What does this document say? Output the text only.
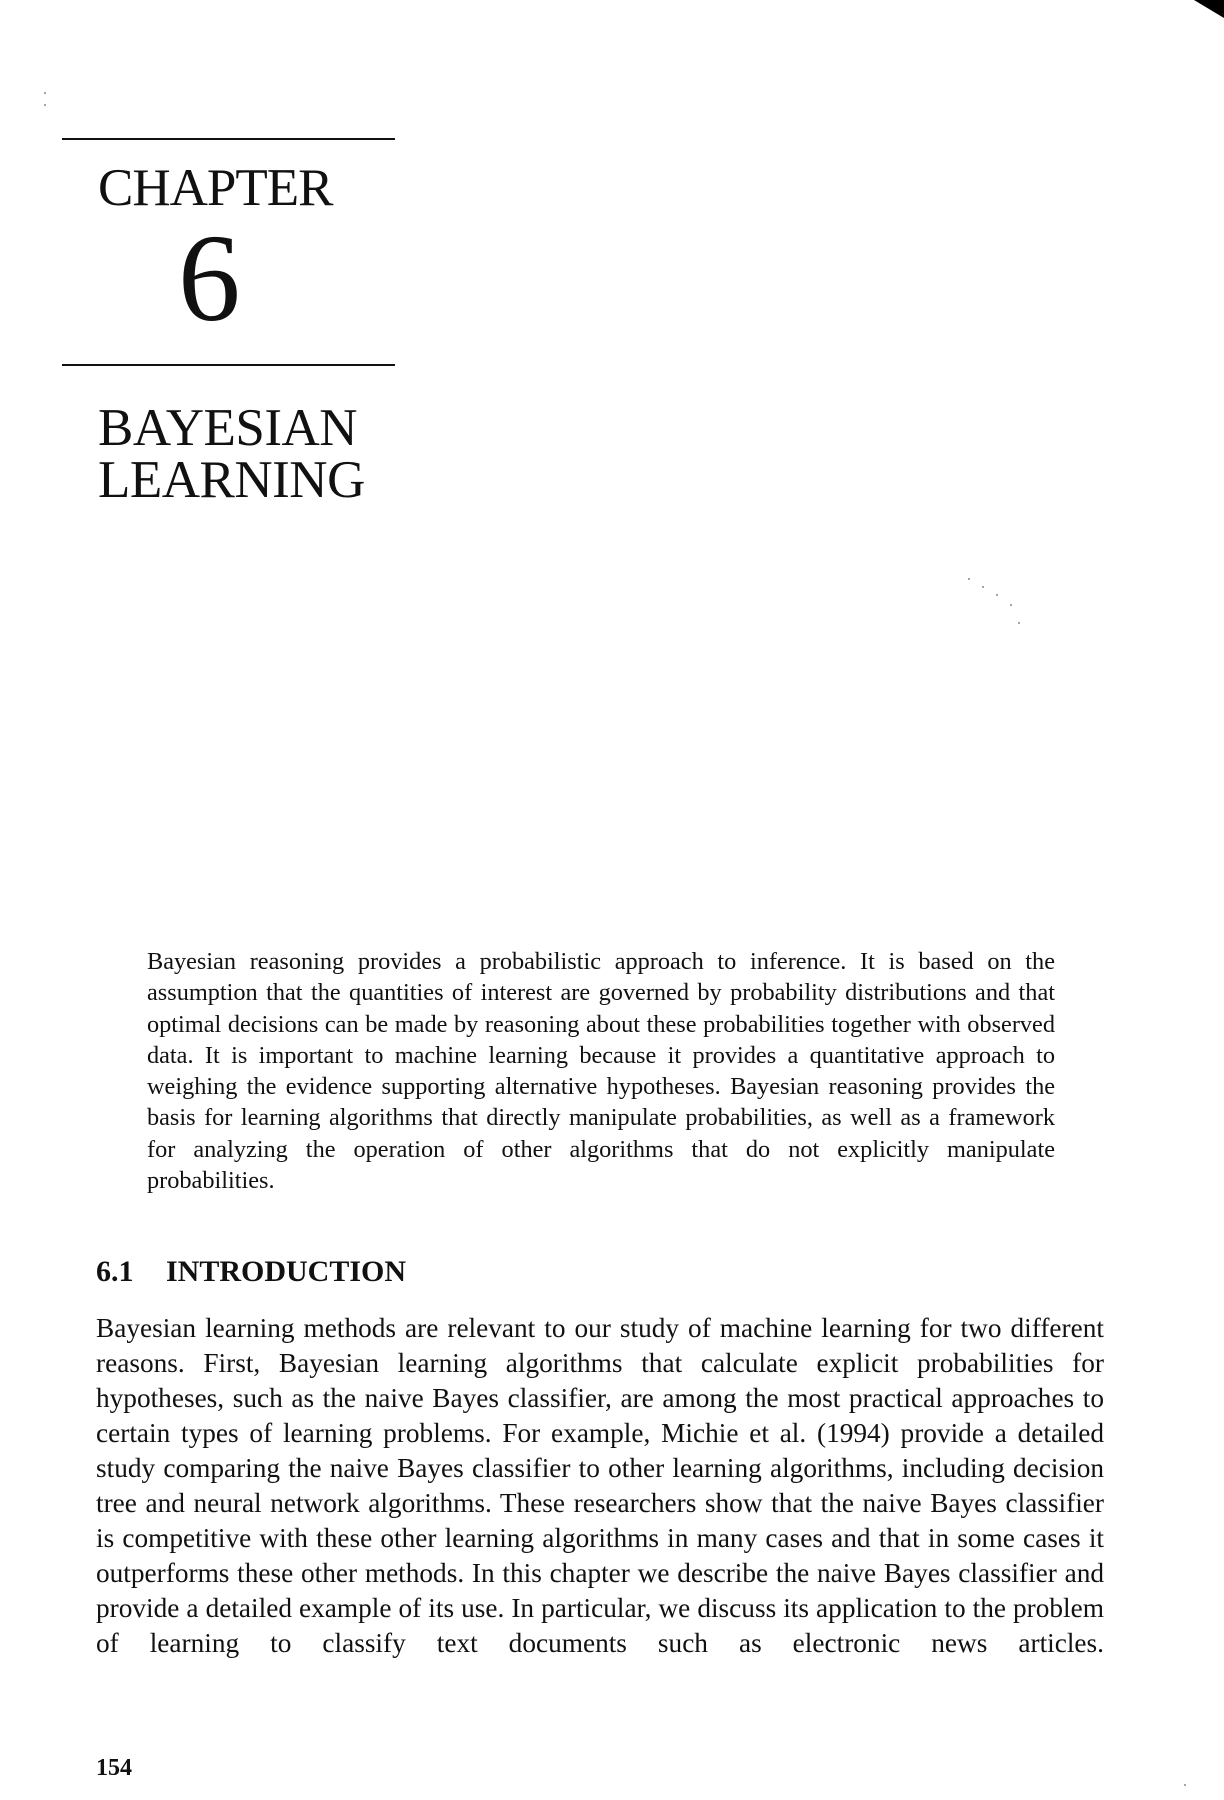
CHAPTER
6
BAYESIAN
LEARNING

Bayesian reasoning provides a probabilistic approach to inference. It is based on the assumption that the quantities of interest are governed by probability distributions and that optimal decisions can be made by reasoning about these probabilities together with observed data. It is important to machine learning because it provides a quantitative approach to weighing the evidence supporting alternative hypotheses. Bayesian reasoning provides the basis for learning algorithms that directly manipulate probabilities, as well as a framework for analyzing the operation of other algorithms that do not explicitly manipulate probabilities.

6.1 INTRODUCTION

Bayesian learning methods are relevant to our study of machine learning for two different reasons. First, Bayesian learning algorithms that calculate explicit probabilities for hypotheses, such as the naive Bayes classifier, are among the most practical approaches to certain types of learning problems. For example, Michie et al. (1994) provide a detailed study comparing the naive Bayes classifier to other learning algorithms, including decision tree and neural network algorithms. These researchers show that the naive Bayes classifier is competitive with these other learning algorithms in many cases and that in some cases it outperforms these other methods. In this chapter we describe the naive Bayes classifier and provide a detailed example of its use. In particular, we discuss its application to the problem of learning to classify text documents such as electronic news articles.

154
